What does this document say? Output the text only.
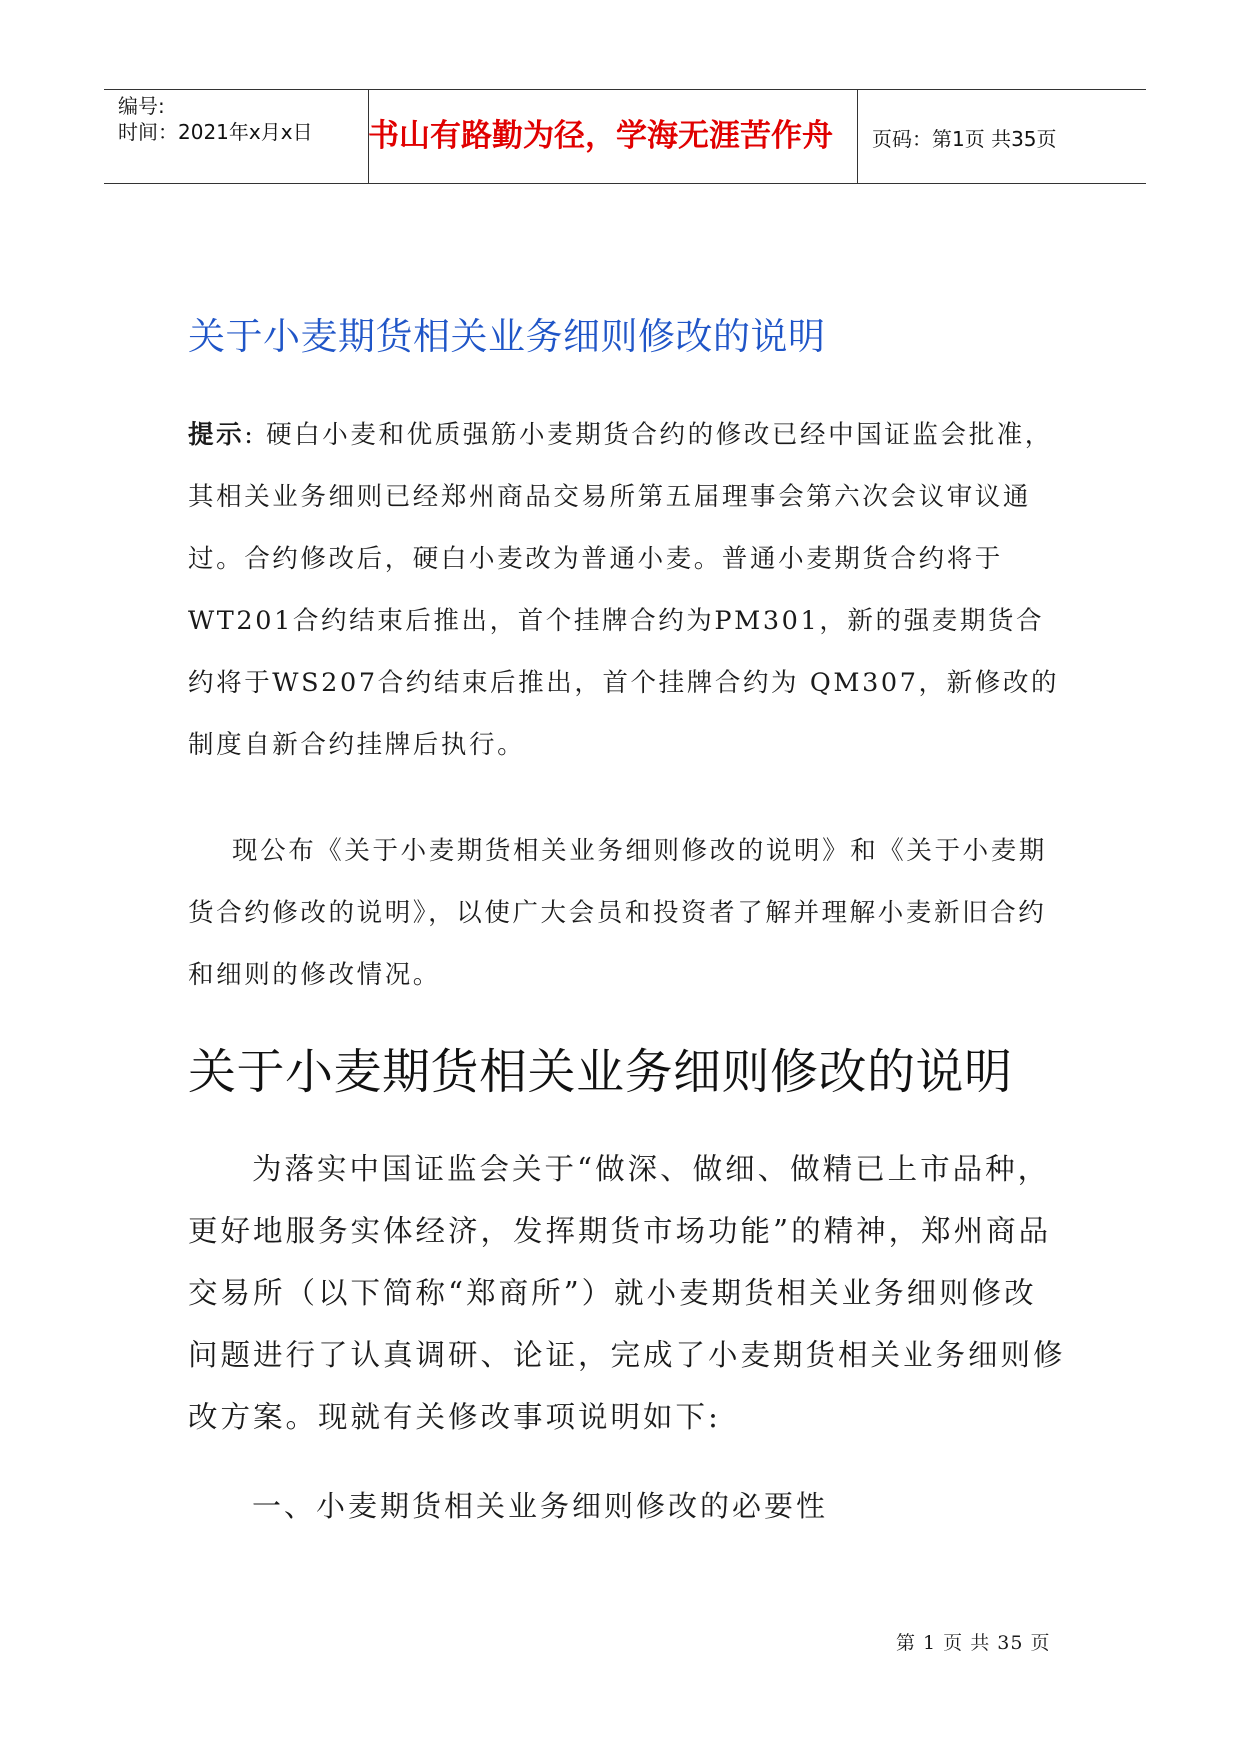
编号:
时间：2021年x月x日 书山有路勤为径，学海无涯苦作舟	页码：第1页 共35页
关于小麦期货相关业务细则修改的说明
提示: 硬白小麦和优质强筋小麦期货合约的修改已经中国证监会批准，其相关业务细则已经郑州商品交易所第五届理事会第六次会议审议通过。合约修改后，硬白小麦改为普通小麦。普通小麦期货合约将于WT201合约结束后推出，首个挂牌合约为PM301，新的强麦期货合约将于WS207合约结束后推出，首个挂牌合约为 QM307，新修改的制度自新合约挂牌后执行。
现公布《关于小麦期货相关业务细则修改的说明》和《关于小麦期货合约修改的说明》，以使广大会员和投资者了解并理解小麦新旧合约和细则的修改情况。
关于小麦期货相关业务细则修改的说明
为落实中国证监会关于“做深、做细、做精已上市品种，更好地服务实体经济，发挥期货市场功能”的精神，郑州商品交易所（以下简称“郑商所”）就小麦期货相关业务细则修改问题进行了认真调研、论证，完成了小麦期货相关业务细则修改方案。现就有关修改事项说明如下:
一、小麦期货相关业务细则修改的必要性
第 1 页 共 35 页
